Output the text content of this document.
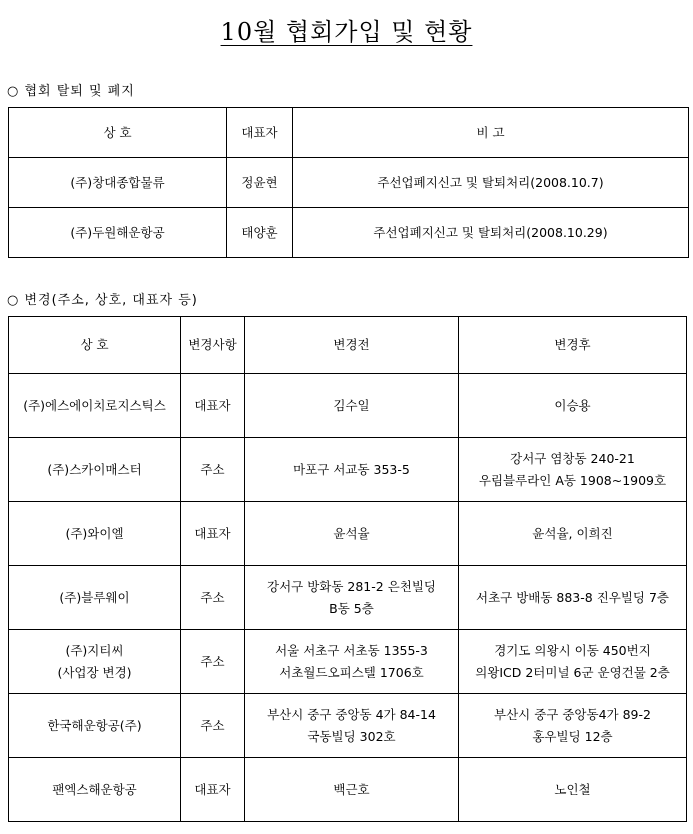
10월 협회가입 및 현황
○ 협회 탈퇴 및 폐지
상 호	대표자	비 고
(주)창대종합물류	정윤현	주선업폐지신고 및 탈퇴처리(2008.10.7)
(주)두원해운항공	태양훈	주선업폐지신고 및 탈퇴처리(2008.10.29)
○ 변경(주소, 상호, 대표자 등)
상 호	변경사항	변경전	변경후

(주)에스에이치로지스틱스	대표자	김수일	이승용

(주)스카이매스터	주소	마포구 서교동 353-5	강서구 염창동 240-21
우림블루라인 A동 1908~1909호

(주)와이엘	대표자	윤석율	윤석율, 이희진

(주)블루웨이	주소	강서구 방화동 281-2 은천빌딩
B동 5층	서초구 방배동 883-8 진우빌딩 7층

(주)지티씨
(사업장 변경)	주소	서울 서초구 서초동 1355-3
서초월드오피스텔 1706호	경기도 의왕시 이동 450번지
의왕ICD 2터미널 6군 운영건물 2층

한국해운항공(주)	주소	부산시 중구 중앙동 4가 84-14
국동빌딩 302호	부산시 중구 중앙동4가 89-2
홍우빌딩 12층

팬엑스해운항공	대표자	백근호	노인철
